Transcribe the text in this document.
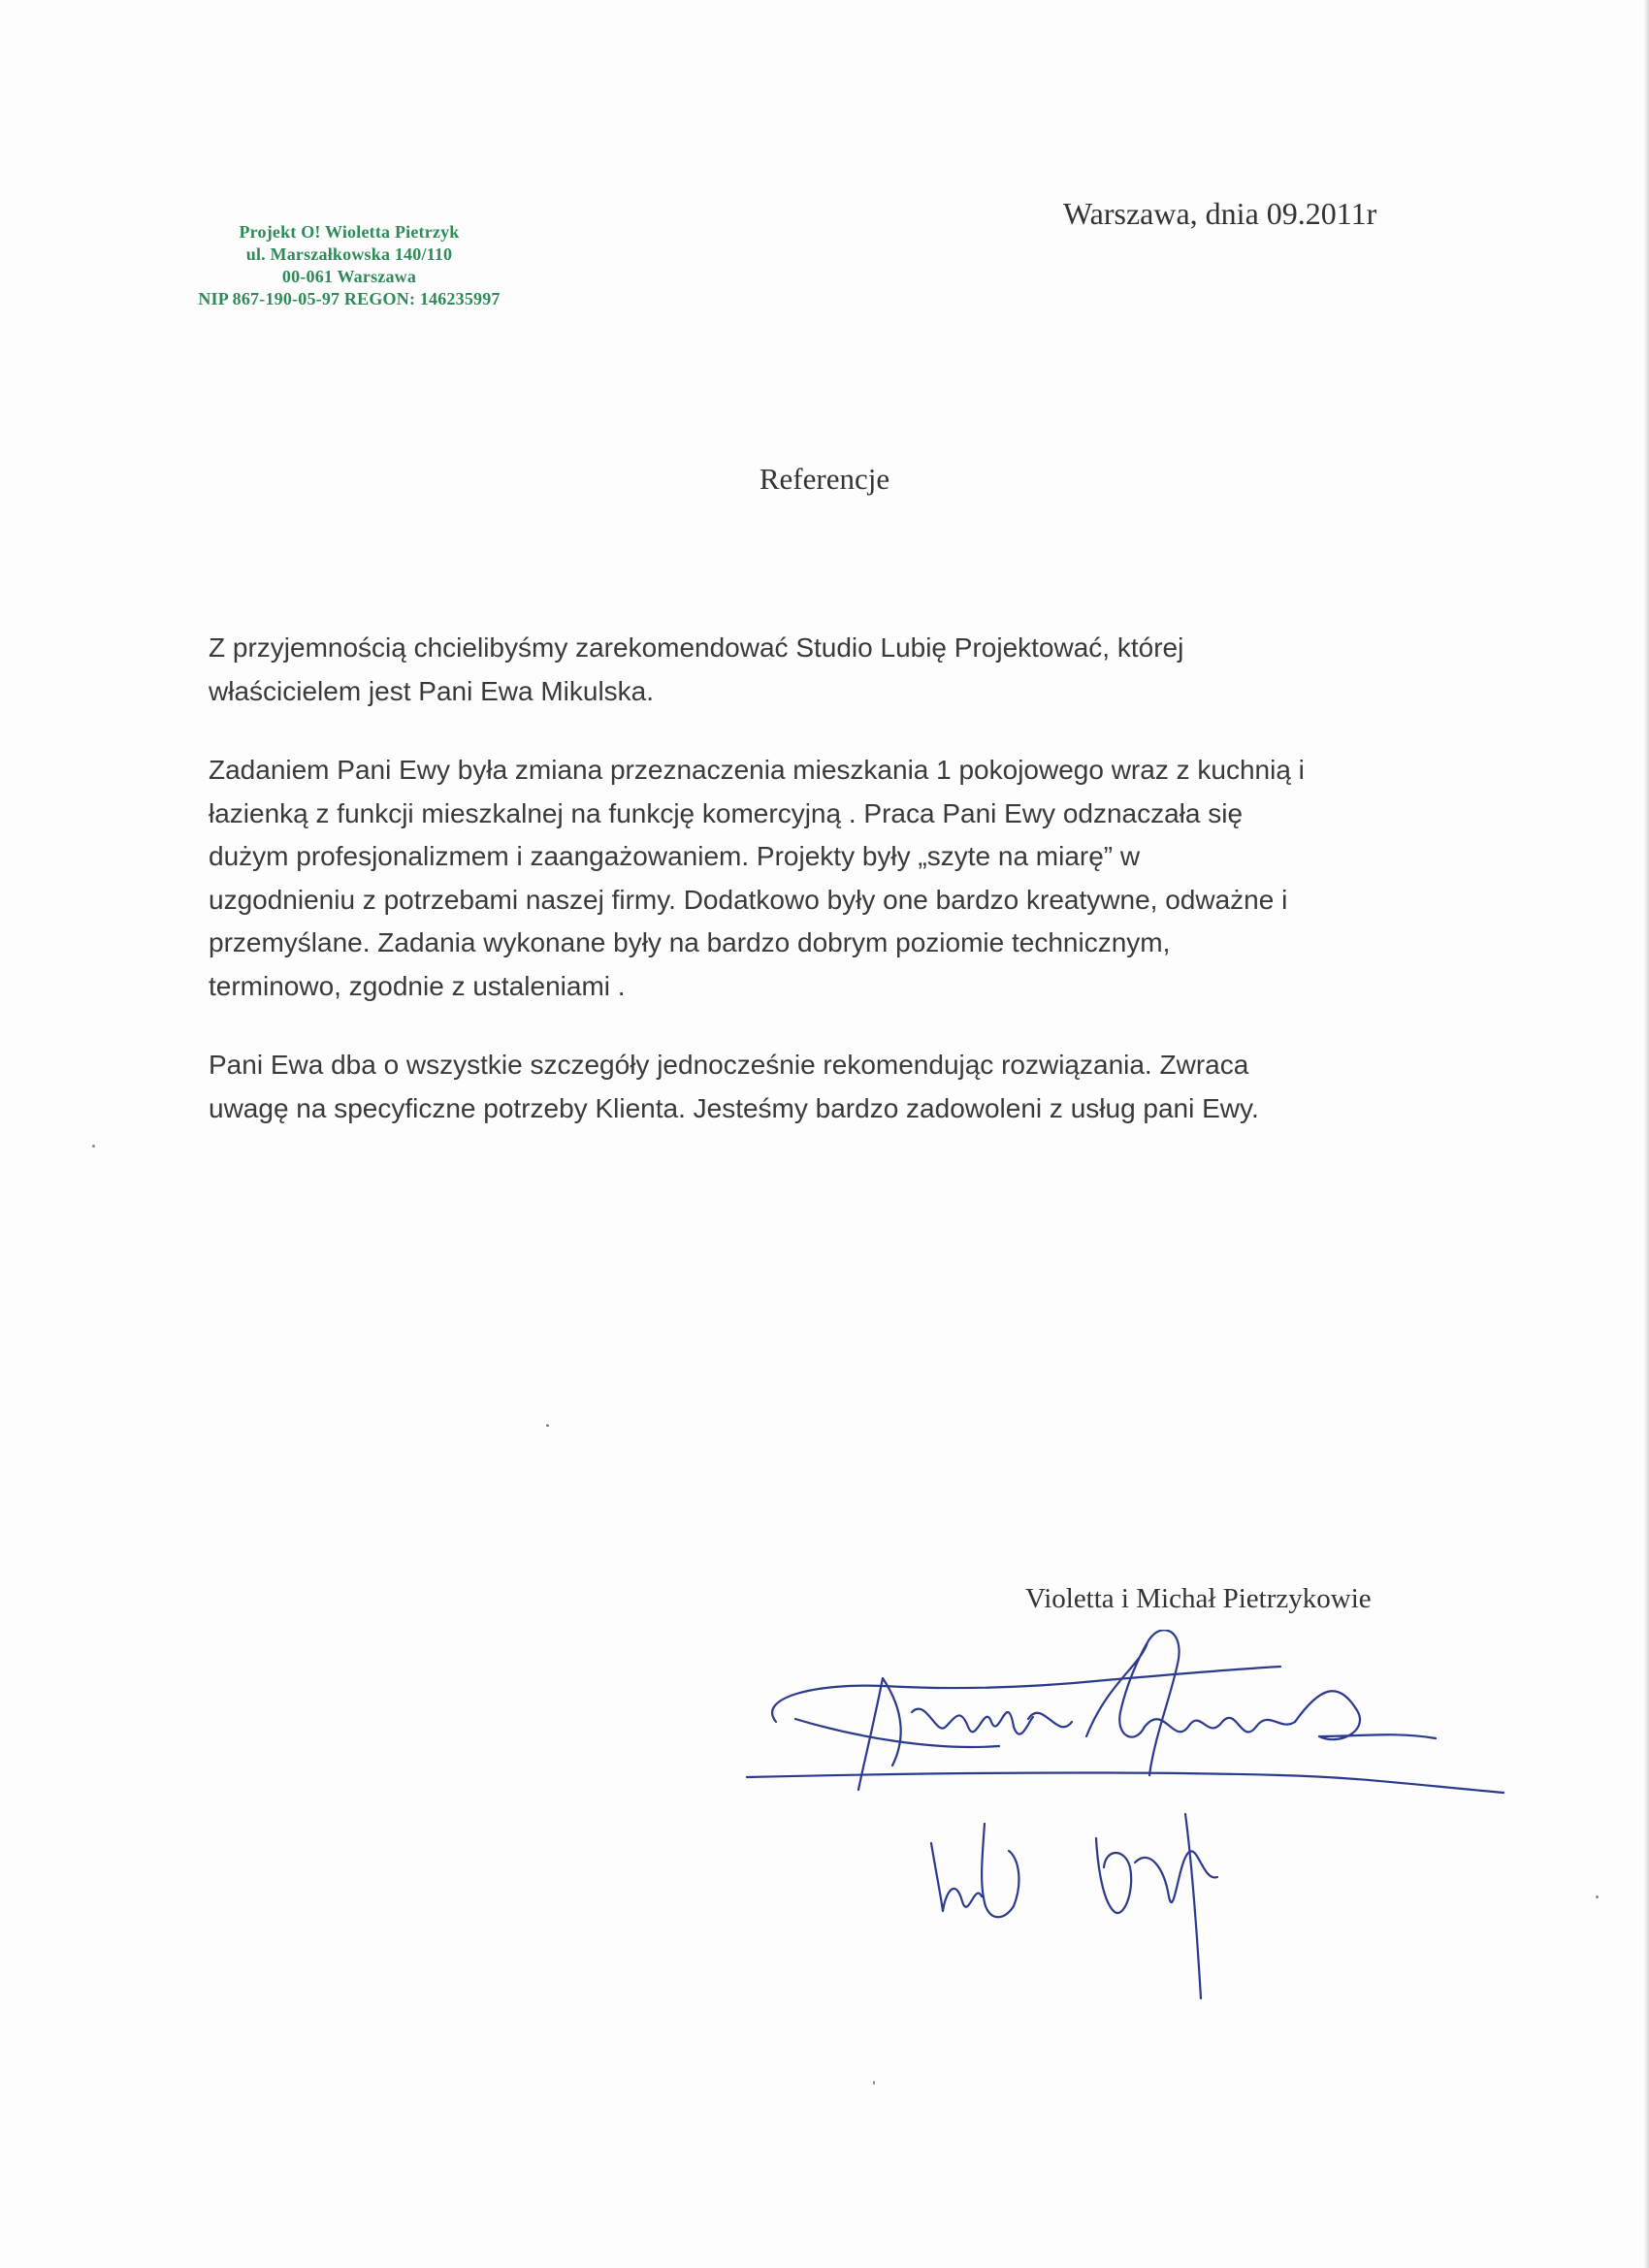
Projekt O! Wioletta Pietrzyk
ul. Marszałkowska 140/110
00-061 Warszawa
NIP 867-190-05-97 REGON: 146235997
Warszawa, dnia 09.2011r
Referencje
Z przyjemnością chcielibyśmy zarekomendować Studio Lubię Projektować, której
właścicielem jest Pani Ewa Mikulska.
Zadaniem Pani Ewy była zmiana przeznaczenia mieszkania 1 pokojowego wraz z kuchnią i
łazienką z funkcji mieszkalnej na funkcję komercyjną . Praca Pani Ewy odznaczała się
dużym profesjonalizmem i zaangażowaniem. Projekty były „szyte na miarę” w
uzgodnieniu z potrzebami naszej firmy. Dodatkowo były one bardzo kreatywne, odważne i
przemyślane. Zadania wykonane były na bardzo dobrym poziomie technicznym,
terminowo, zgodnie z ustaleniami .
Pani Ewa dba o wszystkie szczegóły jednocześnie rekomendując rozwiązania. Zwraca
uwagę na specyficzne potrzeby Klienta. Jesteśmy bardzo zadowoleni z usług pani Ewy.
Violetta i Michał Pietrzykowie
